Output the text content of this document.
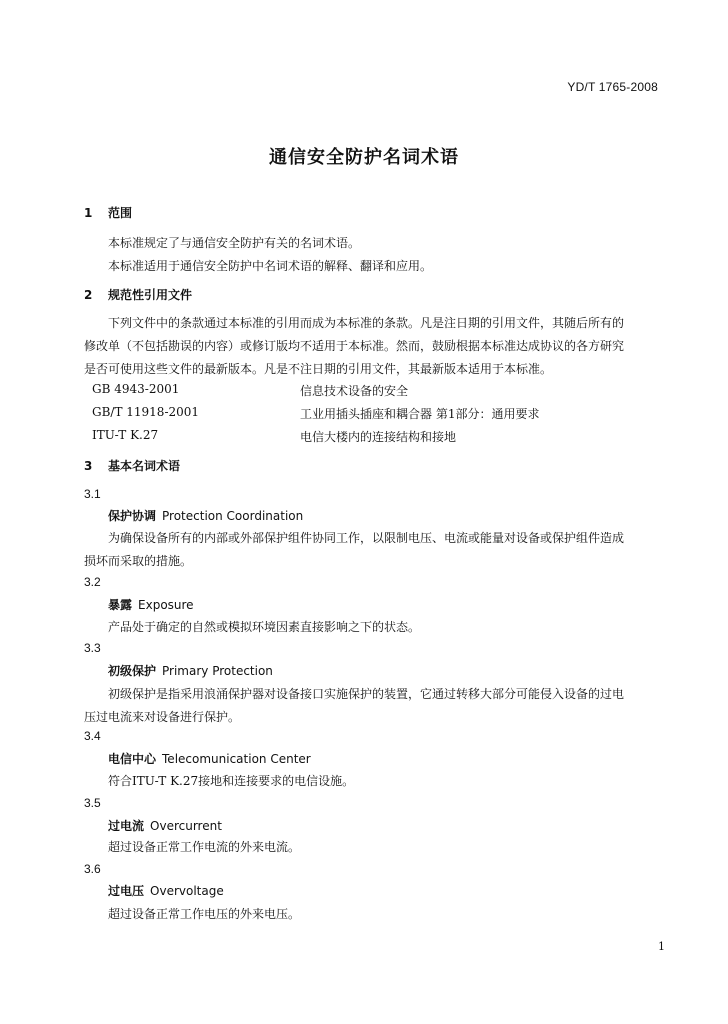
YD/T 1765-2008
通信安全防护名词术语
1 范围
本标准规定了与通信安全防护有关的名词术语。
本标准适用于通信安全防护中名词术语的解释、翻译和应用。
2 规范性引用文件
下列文件中的条款通过本标准的引用而成为本标准的条款。凡是注日期的引用文件，其随后所有的
修改单（不包括勘误的内容）或修订版均不适用于本标准。然而，鼓励根据本标准达成协议的各方研究
是否可使用这些文件的最新版本。凡是不注日期的引用文件，其最新版本适用于本标准。
GB 4943-2001	信息技术设备的安全
GB/T 11918-2001	工业用插头插座和耦合器 第1部分：通用要求
ITU-T K.27	电信大楼内的连接结构和接地
3 基本名词术语
3.1
保护协调 Protection Coordination
为确保设备所有的内部或外部保护组件协同工作，以限制电压、电流或能量对设备或保护组件造成
损坏而采取的措施。
3.2
暴露 Exposure
产品处于确定的自然或模拟环境因素直接影响之下的状态。
3.3
初级保护 Primary Protection
初级保护是指采用浪涌保护器对设备接口实施保护的装置，它通过转移大部分可能侵入设备的过电
压过电流来对设备进行保护。
3.4
电信中心 Telecomunication Center
符合ITU-T K.27接地和连接要求的电信设施。
3.5
过电流 Overcurrent
超过设备正常工作电流的外来电流。
3.6
过电压 Overvoltage
超过设备正常工作电压的外来电压。
1
